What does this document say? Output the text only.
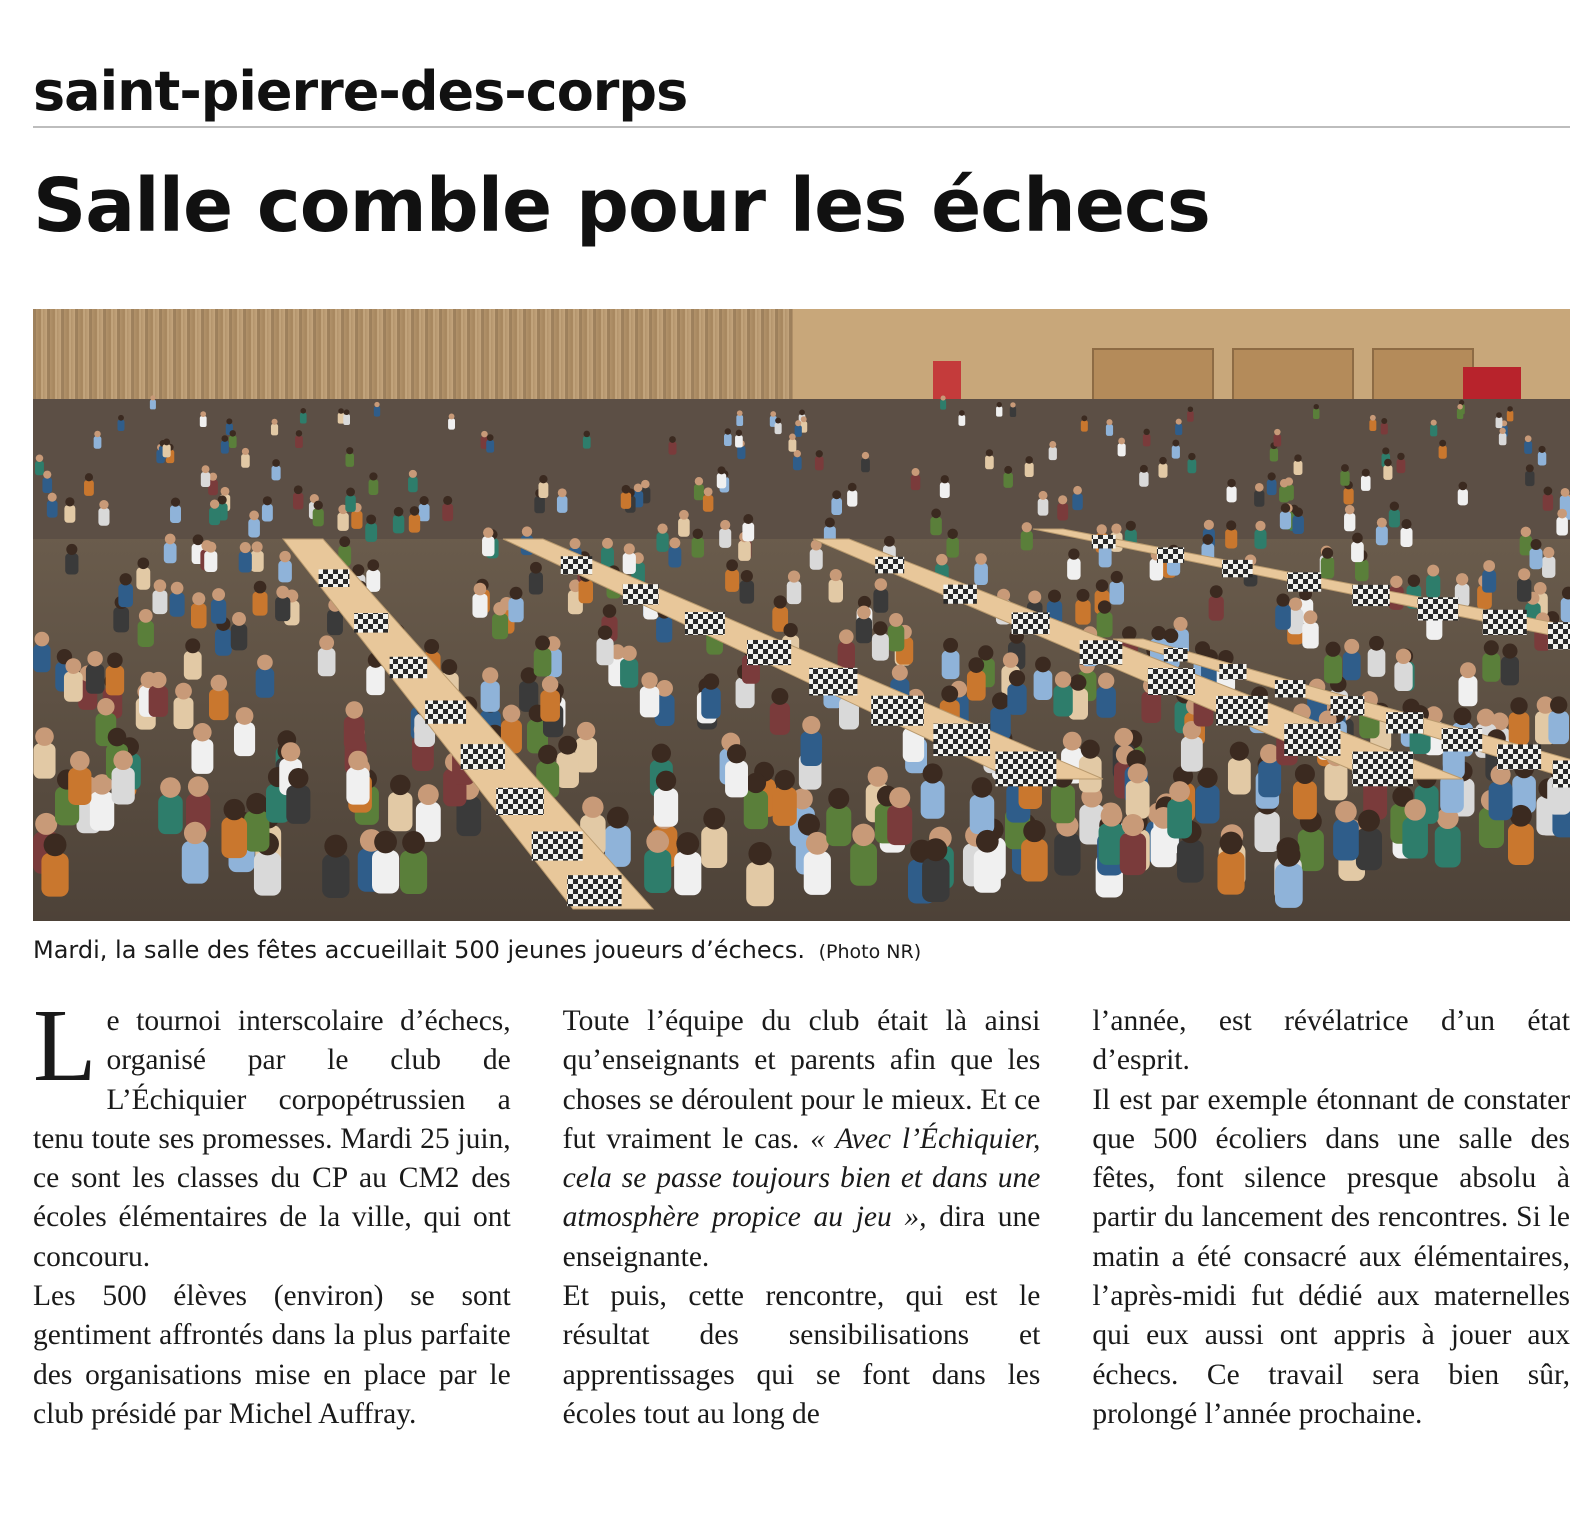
saint-pierre-des-corps
Salle comble pour les échecs
Mardi, la salle des fêtes accueillait 500 jeunes joueurs d’échecs. (Photo NR)

Le tournoi interscolaire d’échecs, organisé par le club de L’Échiquier corpopétrussien a tenu toute ses promesses. Mardi 25 juin, ce sont les classes du CP au CM2 des écoles élémentaires de la ville, qui ont concouru.

Les 500 élèves (environ) se sont gentiment affrontés dans la plus parfaite des organisations mise en place par le club présidé par Michel Auffray.

Toute l’équipe du club était là ainsi qu’enseignants et parents afin que les choses se déroulent pour le mieux. Et ce fut vraiment le cas. « Avec l’Échiquier, cela se passe toujours bien et dans une atmosphère propice au jeu », dira une enseignante.

Et puis, cette rencontre, qui est le résultat des sensibilisations et apprentissages qui se font dans les écoles tout au long de

l’année, est révélatrice d’un état d’esprit.

Il est par exemple étonnant de constater que 500 écoliers dans une salle des fêtes, font silence presque absolu à partir du lancement des rencontres. Si le matin a été consacré aux élémentaires, l’après-midi fut dédié aux maternelles qui eux aussi ont appris à jouer aux échecs. Ce travail sera bien sûr, prolongé l’année prochaine.
